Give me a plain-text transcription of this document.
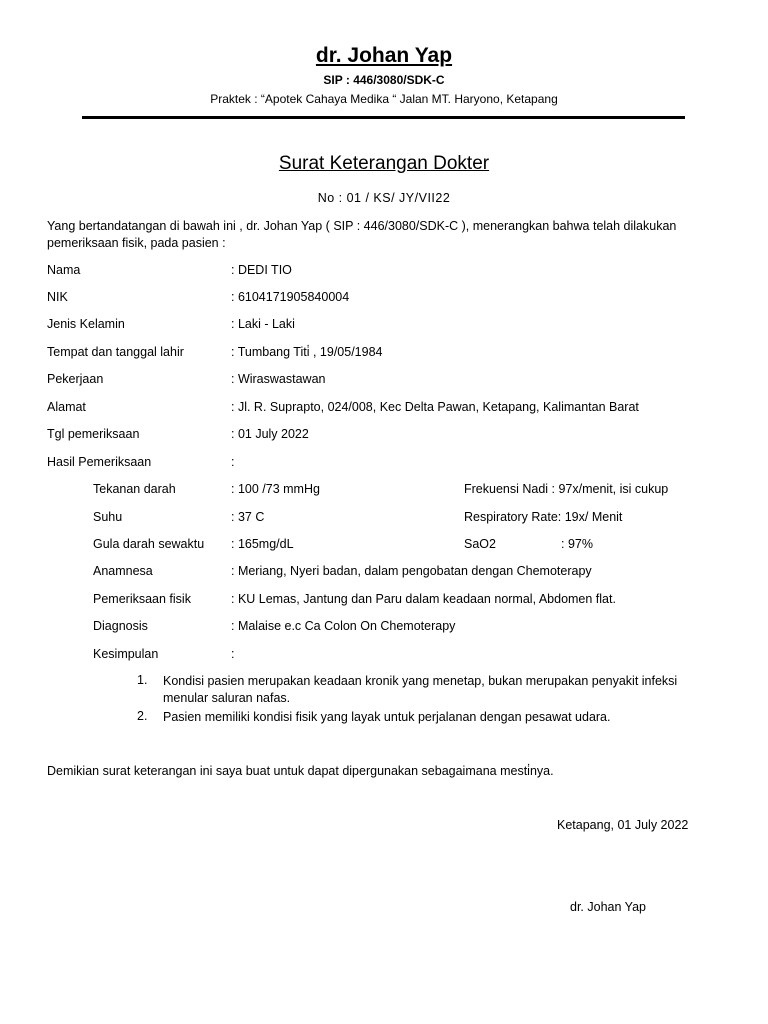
dr. Johan Yap
SIP : 446/3080/SDK-C
Praktek : “Apotek Cahaya Medika “ Jalan MT. Haryono, Ketapang
Surat Keterangan Dokter
No : 01 / KS/ JY/VII22
Yang bertandatangan di bawah ini , dr. Johan Yap ( SIP : 446/3080/SDK-C ), menerangkan bahwa telah dilakukan pemeriksaan fisik, pada pasien :
Nama	: DEDI TIO
NIK	: 6104171905840004
Jenis Kelamin	: Laki - Laki
Tempat dan tanggal lahir	: Tumbang Titi̇ , 19/05/1984
Pekerjaan	: Wiraswastawan
Alamat	: Jl. R. Suprapto, 024/008, Kec Delta Pawan, Ketapang, Kalimantan Barat
Tgl pemeriksaan	: 01 July 2022
Hasil Pemeriksaan	:
Tekanan darah	: 100 /73 mmHg	Frekuensi Nadi : 97x/menit, isi cukup
Suhu	: 37 C	Respiratory Rate: 19x/ Menit
Gula darah sewaktu : 165mg/dL	SaO2	: 97%
Anamnesa	: Meriang, Nyeri badan, dalam pengobatan dengan Chemoterapy
Pemeriksaan fisik	: KU Lemas, Jantung dan Paru dalam keadaan normal, Abdomen flat.
Diagnosis	: Malaise e.c Ca Colon On Chemoterapy
Kesimpulan	:
1. Kondisi pasien merupakan keadaan kronik yang menetap, bukan merupakan penyakit infeksi menular saluran nafas.
2. Pasien memiliki kondisi fisik yang layak untuk perjalanan dengan pesawat udara.
Demikian surat keterangan ini saya buat untuk dapat dipergunakan sebagaimana mesti̇nya.
Ketapang, 01 July 2022
dr. Johan Yap
